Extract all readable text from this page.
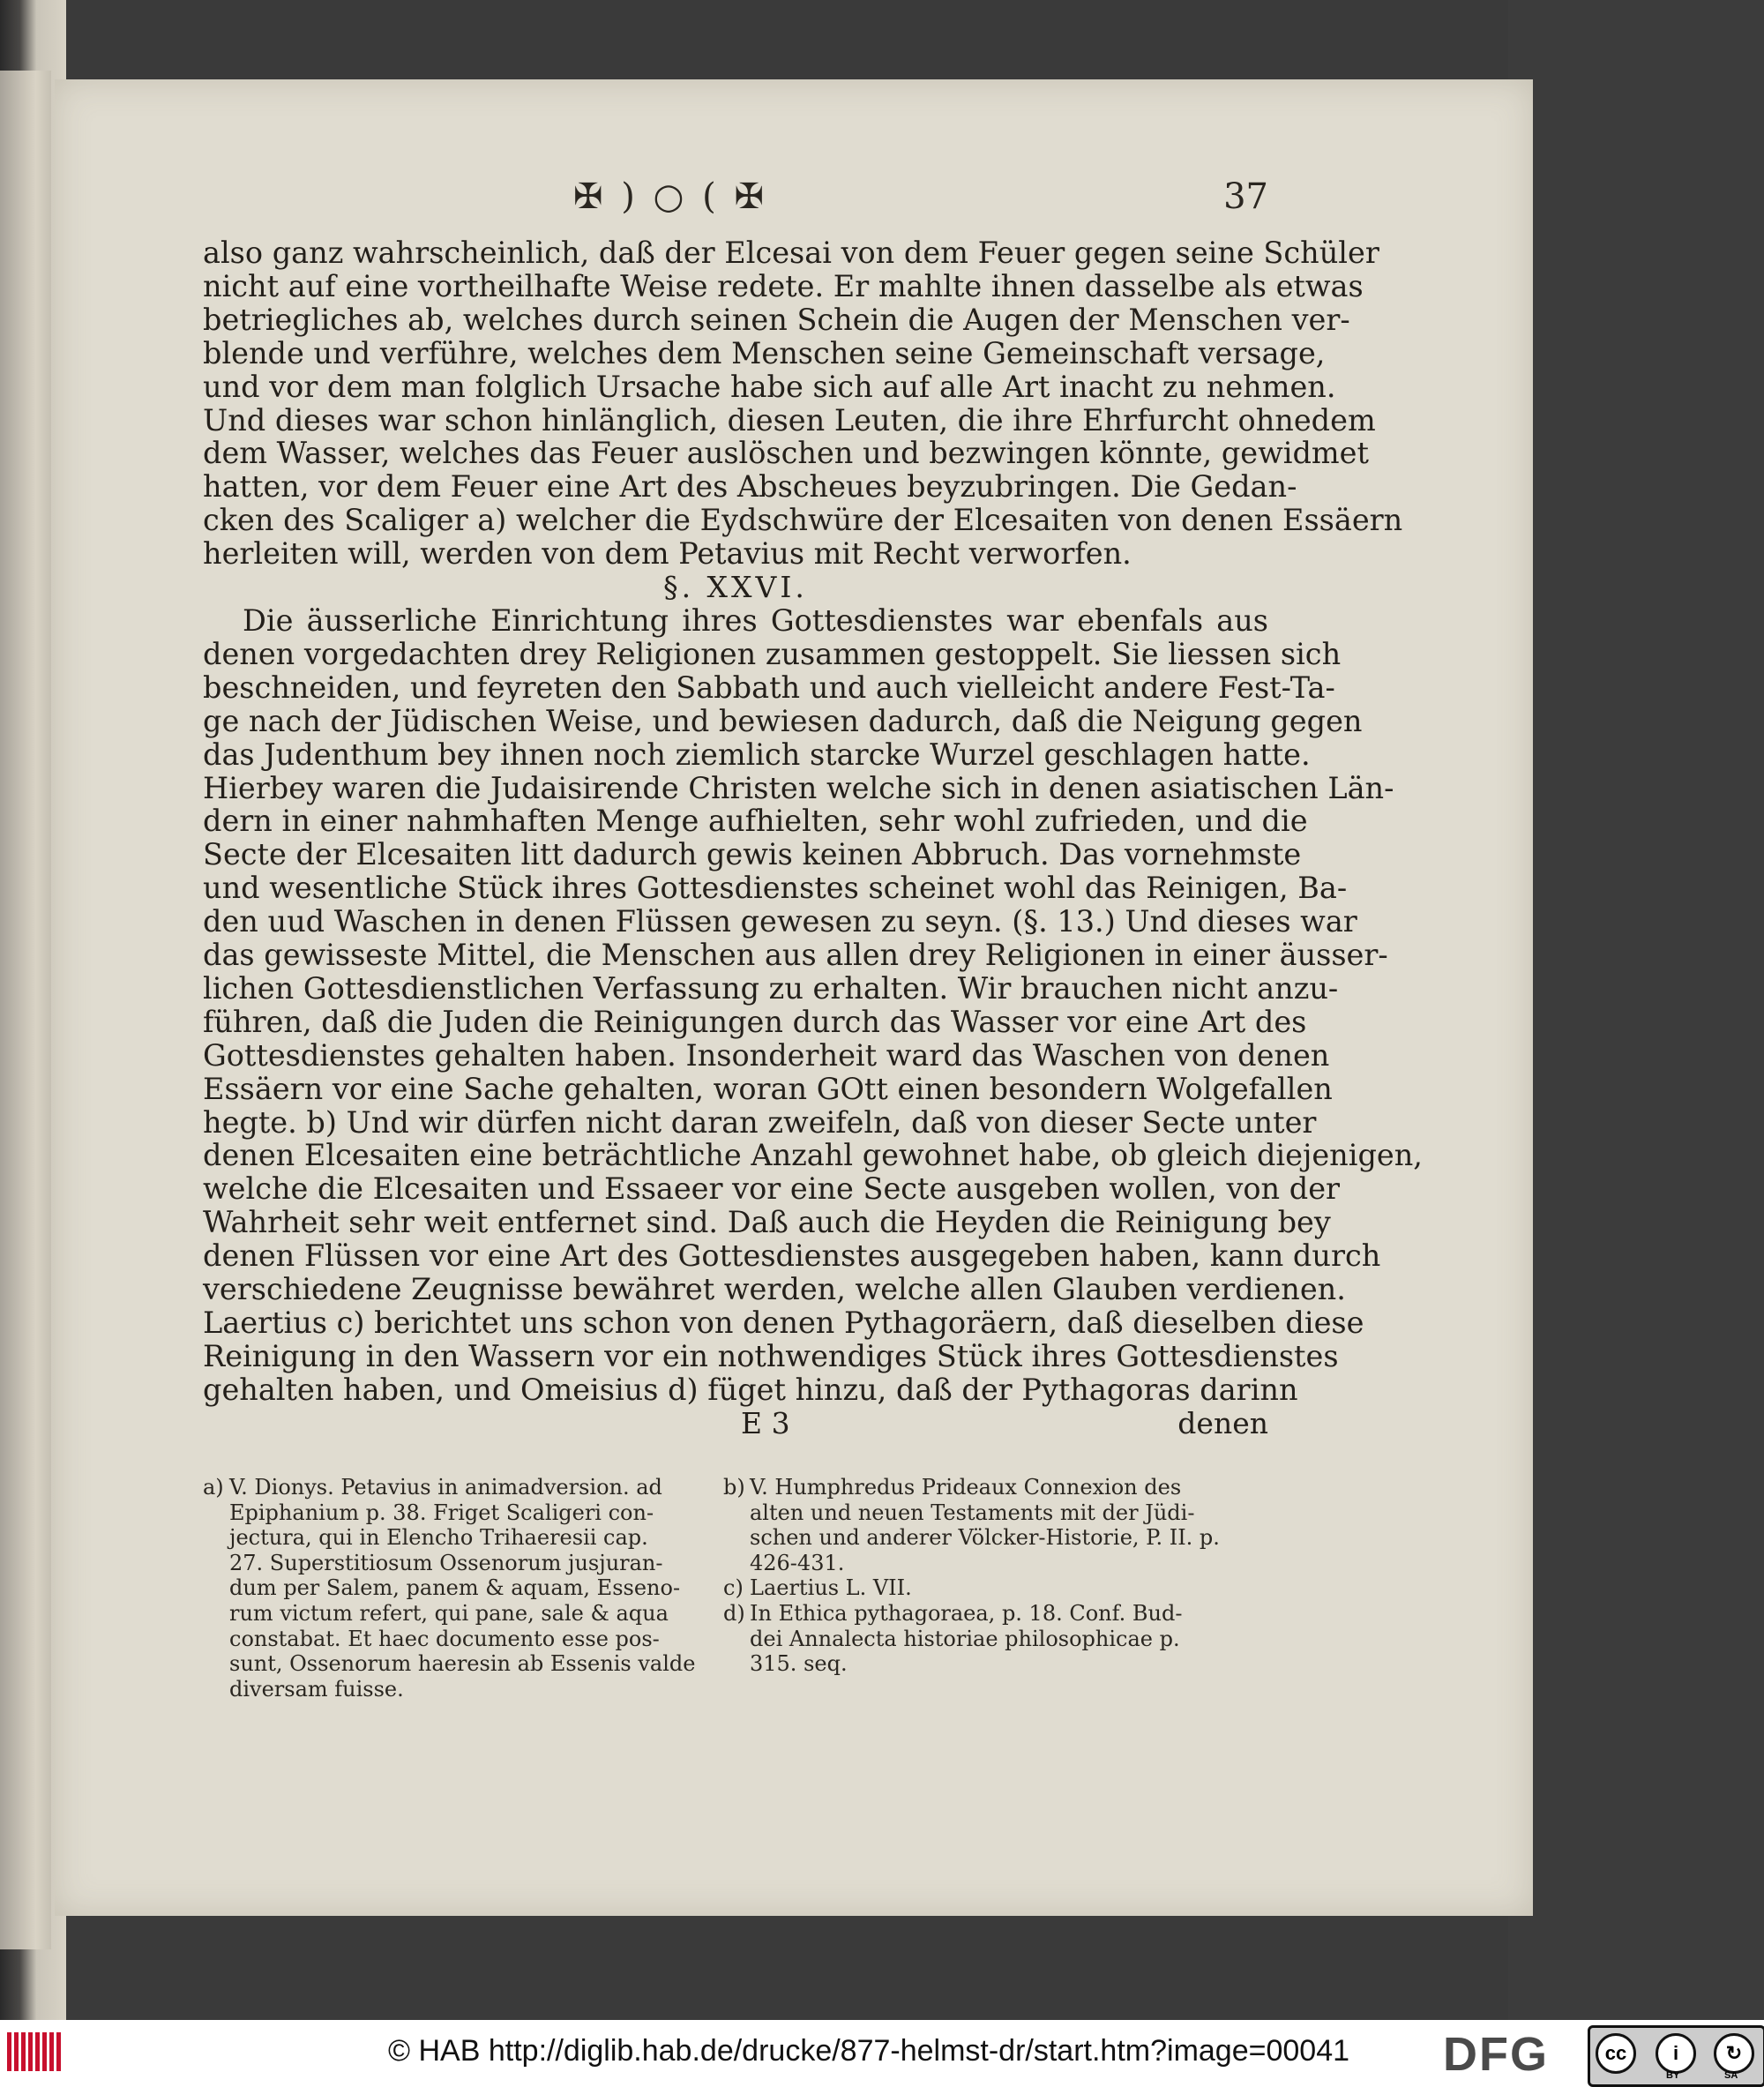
✠ ) ○ ( ✠	37

also ganz wahrscheinlich, daß der Elcesai von dem Feuer gegen seine Schüler
nicht auf eine vortheilhafte Weise redete. Er mahlte ihnen dasselbe als etwas
betriegliches ab, welches durch seinen Schein die Augen der Menschen ver-
blende und verführe, welches dem Menschen seine Gemeinschaft versage,
und vor dem man folglich Ursache habe sich auf alle Art inacht zu nehmen.
Und dieses war schon hinlänglich, diesen Leuten, die ihre Ehrfurcht ohnedem
dem Wasser, welches das Feuer auslöschen und bezwingen könnte, gewidmet
hatten, vor dem Feuer eine Art des Abscheues beyzubringen. Die Gedan-
cken des Scaliger a) welcher die Eydschwüre der Elcesaiten von denen Essäern
herleiten will, werden von dem Petavius mit Recht verworfen.

§. XXVI.

Die äusserliche Einrichtung ihres Gottesdienstes war ebenfals aus
denen vorgedachten drey Religionen zusammen gestoppelt. Sie liessen sich
beschneiden, und feyreten den Sabbath und auch vielleicht andere Fest-Ta-
ge nach der Jüdischen Weise, und bewiesen dadurch, daß die Neigung gegen
das Judenthum bey ihnen noch ziemlich starcke Wurzel geschlagen hatte.
Hierbey waren die Judaisirende Christen welche sich in denen asiatischen Län-
dern in einer nahmhaften Menge aufhielten, sehr wohl zufrieden, und die
Secte der Elcesaiten litt dadurch gewis keinen Abbruch. Das vornehmste
und wesentliche Stück ihres Gottesdienstes scheinet wohl das Reinigen, Ba-
den uud Waschen in denen Flüssen gewesen zu seyn. (§. 13.) Und dieses war
das gewisseste Mittel, die Menschen aus allen drey Religionen in einer äusser-
lichen Gottesdienstlichen Verfassung zu erhalten. Wir brauchen nicht anzu-
führen, daß die Juden die Reinigungen durch das Wasser vor eine Art des
Gottesdienstes gehalten haben. Insonderheit ward das Waschen von denen
Essäern vor eine Sache gehalten, woran GOtt einen besondern Wolgefallen
hegte. b) Und wir dürfen nicht daran zweifeln, daß von dieser Secte unter
denen Elcesaiten eine beträchtliche Anzahl gewohnet habe, ob gleich diejenigen,
welche die Elcesaiten und Essaeer vor eine Secte ausgeben wollen, von der
Wahrheit sehr weit entfernet sind. Daß auch die Heyden die Reinigung bey
denen Flüssen vor eine Art des Gottesdienstes ausgegeben haben, kann durch
verschiedene Zeugnisse bewähret werden, welche allen Glauben verdienen.
Laertius c) berichtet uns schon von denen Pythagoräern, daß dieselben diese
Reinigung in den Wassern vor ein nothwendiges Stück ihres Gottesdienstes
gehalten haben, und Omeisius d) füget hinzu, daß der Pythagoras darinn

E 3	denen
a) V. Dionys. Petavius in animadversion. ad
Epiphanium p. 38. Friget Scaligeri con-
jectura, qui in Elencho Trihaeresii cap.
27. Superstitiosum Ossenorum jusjuran-
dum per Salem, panem & aquam, Esseno-
rum victum refert, qui pane, sale & aqua
constabat. Et haec documento esse pos-
sunt, Ossenorum haeresin ab Essenis valde
diversam fuisse.
b) V. Humphredus Prideaux Connexion des
alten und neuen Testaments mit der Jüdi-
schen und anderer Völcker-Historie, P. II. p.
426-431.
c) Laertius L. VII.
d) In Ethica pythagoraea, p. 18. Conf. Bud-
dei Annalecta historiae philosophicae p.
315. seq.
© HAB http://diglib.hab.de/drucke/877-helmst-dr/start.htm?image=00041 DFG	cc	i	↻
BY	SA
